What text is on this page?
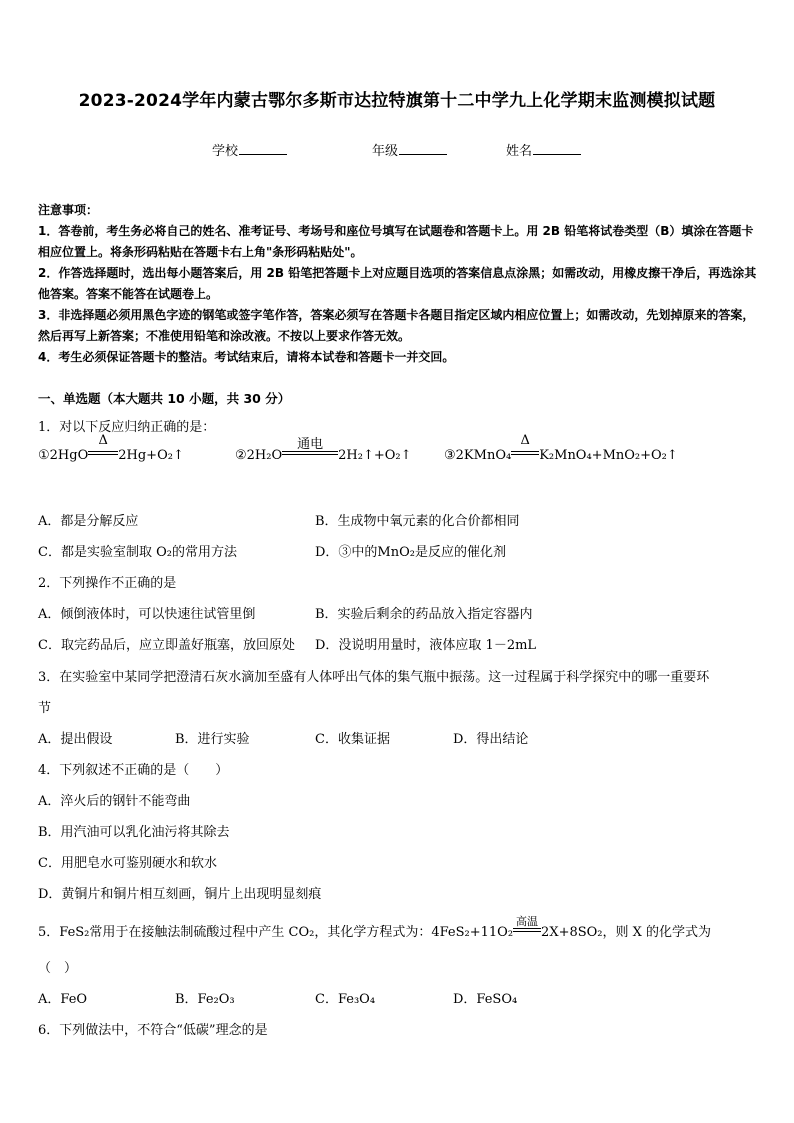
2023-2024学年内蒙古鄂尔多斯市达拉特旗第十二中学九上化学期末监测模拟试题
学校	年级	姓名

注意事项：

1．答卷前，考生务必将自己的姓名、准考证号、考场号和座位号填写在试题卷和答题卡上。用 2B 铅笔将试卷类型（B）填涂在答题卡相应位置上。将条形码粘贴在答题卡右上角"条形码粘贴处"。

2．作答选择题时，选出每小题答案后，用 2B 铅笔把答题卡上对应题目选项的答案信息点涂黑；如需改动，用橡皮擦干净后，再选涂其他答案。答案不能答在试题卷上。

3．非选择题必须用黑色字迹的钢笔或签字笔作答，答案必须写在答题卡各题目指定区域内相应位置上；如需改动，先划掉原来的答案，然后再写上新答案；不准使用铅笔和涂改液。不按以上要求作答无效。

4．考生必须保证答题卡的整洁。考试结束后，请将本试卷和答题卡一并交回。

一、单选题（本大题共 10 小题，共 30 分）
1．对以下反应归纳正确的是：
①2HgO
Δ
2Hg+O₂↑	②2H₂O
通电
2H₂↑+O₂↑ ③2KMnO₄
Δ
K₂MnO₄+MnO₂+O₂↑
A．都是分解反应	B．生成物中氧元素的化合价都相同
C．都是实验室制取 O₂的常用方法	D．③中的MnO₂是反应的催化剂
2．下列操作不正确的是
A．倾倒液体时，可以快速往试管里倒	B．实验后剩余的药品放入指定容器内
C．取完药品后，应立即盖好瓶塞，放回原处 D．没说明用量时，液体应取 1－2mL
3．在实验室中某同学把澄清石灰水滴加至盛有人体呼出气体的集气瓶中振荡。这一过程属于科学探究中的哪一重要环
节
A．提出假设	B．进行实验	C．收集证据	D．得出结论
4．下列叙述不正确的是（　　）
A．淬火后的钢针不能弯曲
B．用汽油可以乳化油污将其除去
C．用肥皂水可鉴别硬水和软水
D．黄铜片和铜片相互刻画，铜片上出现明显刻痕
5．FeS₂常用于在接触法制硫酸过程中产生 CO₂，其化学方程式为：4FeS₂+11O₂
高温
2X+8SO₂，则 X 的化学式为
（　）
A．FeO	B．Fe₂O₃	C．Fe₃O₄	D．FeSO₄
6．下列做法中，不符合“低碳”理念的是
